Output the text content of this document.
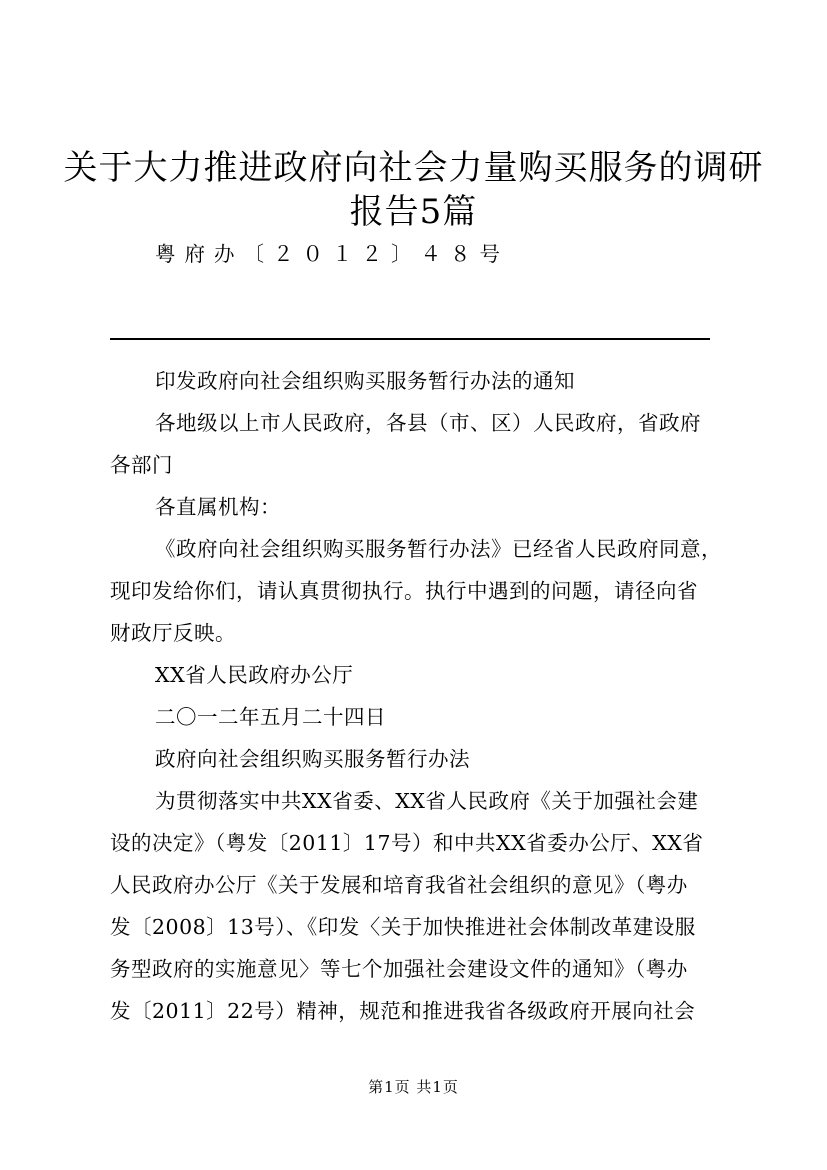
关于大力推进政府向社会力量购买服务的调研
报告5篇
粤府办〔２０１２〕４８号
印发政府向社会组织购买服务暂行办法的通知
各地级以上市人民政府，各县（市、区）人民政府，省政府
各部门
各直属机构：
《政府向社会组织购买服务暂行办法》已经省人民政府同意，
现印发给你们，请认真贯彻执行。执行中遇到的问题，请径向省
财政厅反映。
XX省人民政府办公厅
二〇一二年五月二十四日
政府向社会组织购买服务暂行办法
为贯彻落实中共XX省委、XX省人民政府《关于加强社会建
设的决定》（粤发〔2011〕17号）和中共XX省委办公厅、XX省
人民政府办公厅《关于发展和培育我省社会组织的意见》（粤办
发〔2008〕13号）、《印发〈关于加快推进社会体制改革建设服
务型政府的实施意见〉等七个加强社会建设文件的通知》（粤办
发〔2011〕22号）精神，规范和推进我省各级政府开展向社会
第1页 共1页
